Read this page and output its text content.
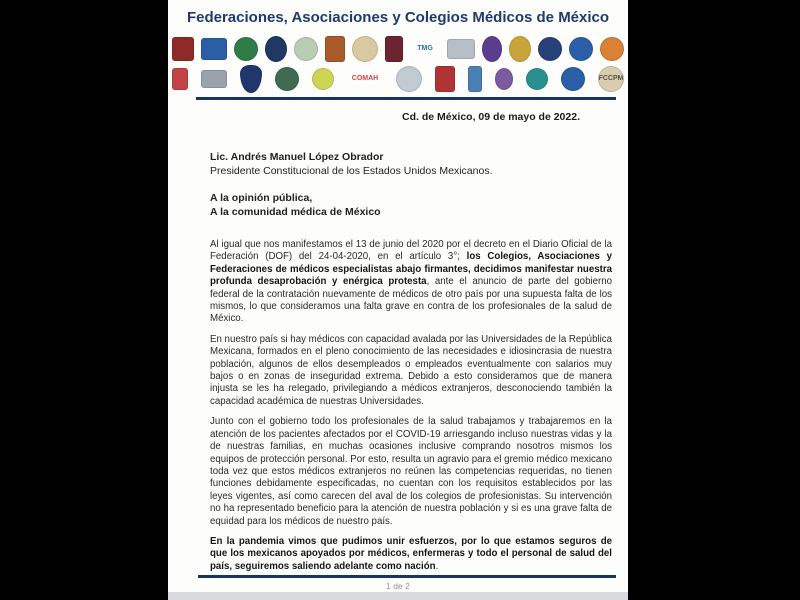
Federaciones, Asociaciones y Colegios Médicos de México
TMG
COMAH	FCCPM
Cd. de México, 09 de mayo de 2022.
Lic. Andrés Manuel López Obrador
Presidente Constitucional de los Estados Unidos Mexicanos.
A la opinión pública,
A la comunidad médica de México

Al igual que nos manifestamos el 13 de junio del 2020 por el decreto en el Diario Oficial de la Federación (DOF) del 24-04-2020, en el artículo 3°; los Colegios, Asociaciones y Federaciones de médicos especialistas abajo firmantes, decidimos manifestar nuestra profunda desaprobación y enérgica protesta, ante el anuncio de parte del gobierno federal de la contratación nuevamente de médicos de otro país por una supuesta falta de los mismos, lo que consideramos una falta grave en contra de los profesionales de la salud de México.

En nuestro país si hay médicos con capacidad avalada por las Universidades de la República Mexicana, formados en el pleno conocimiento de las necesidades e idiosincrasia de nuestra población, algunos de ellos desempleados o empleados eventualmente con salarios muy bajos o en zonas de inseguridad extrema. Debido a esto consideramos que de manera injusta se les ha relegado, privilegiando a médicos extranjeros, desconociendo también la capacidad académica de nuestras Universidades.

Junto con el gobierno todo los profesionales de la salud trabajamos y trabajaremos en la atención de los pacientes afectados por el COVID-19 arriesgando incluso nuestras vidas y la de nuestras familias, en muchas ocasiones inclusive comprando nosotros mismos los equipos de protección personal. Por esto, resulta un agravio para el gremio médico mexicano toda vez que estos médicos extranjeros no reúnen las competencias requeridas, no tienen funciones debidamente especificadas, no cuentan con los requisitos establecidos por las leyes vigentes, así como carecen del aval de los colegios de profesionistas. Su intervención no ha representado beneficio para la atención de nuestra población y si es una grave falta de equidad para los médicos de nuestro país.

En la pandemia vimos que pudimos unir esfuerzos, por lo que estamos seguros de que los mexicanos apoyados por médicos, enfermeras y todo el personal de salud del país, seguiremos saliendo adelante como nación.

1 de 2
